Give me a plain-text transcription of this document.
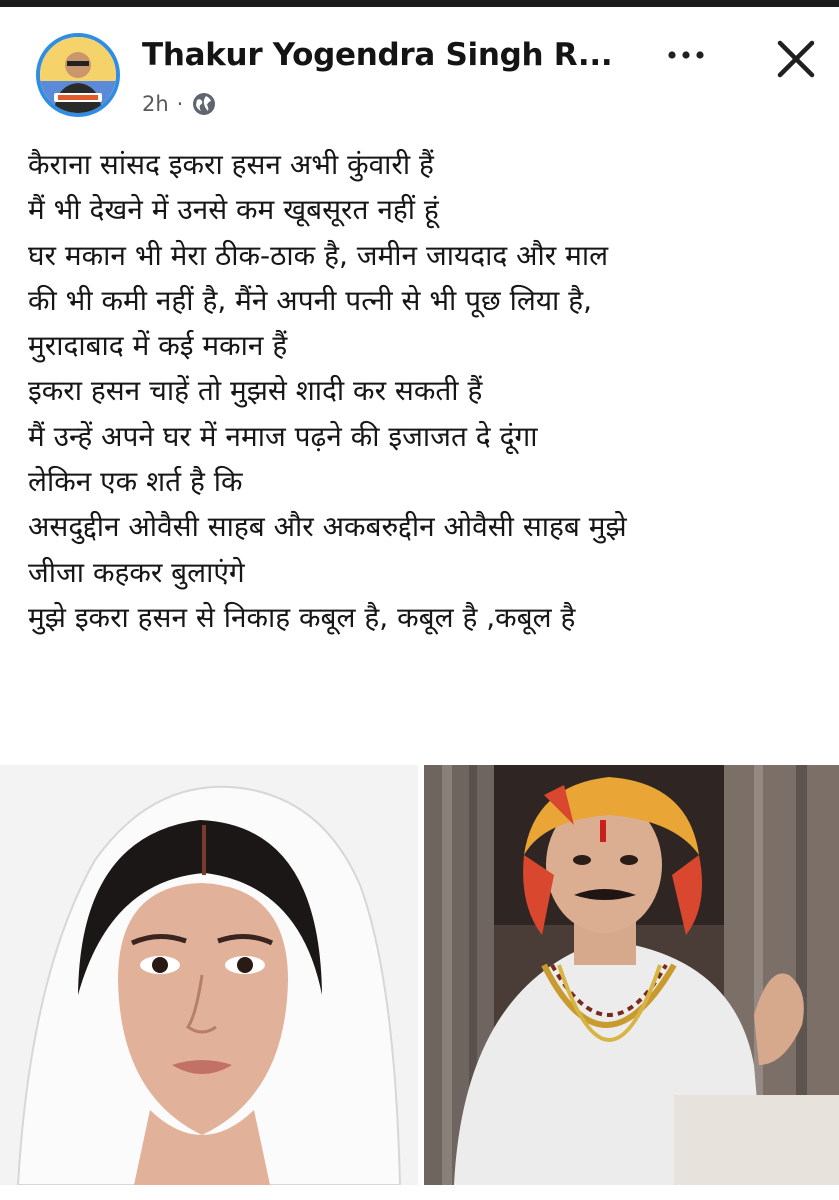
Thakur Yogendra Singh R...
2h ·
कैराना सांसद इकरा हसन अभी कुंवारी हैं
मैं भी देखने में उनसे कम खूबसूरत नहीं हूं
घर मकान भी मेरा ठीक-ठाक है, जमीन जायदाद और माल
की भी कमी नहीं है, मैंने अपनी पत्नी से भी पूछ लिया है,
मुरादाबाद में कई मकान हैं
इकरा हसन चाहें तो मुझसे शादी कर सकती हैं
मैं उन्हें अपने घर में नमाज पढ़ने की इजाजत दे दूंगा
लेकिन एक शर्त है कि
असदुद्दीन ओवैसी साहब और अकबरुद्दीन ओवैसी साहब मुझे
जीजा कहकर बुलाएंगे
मुझे इकरा हसन से निकाह कबूल है, कबूल है ,कबूल है
